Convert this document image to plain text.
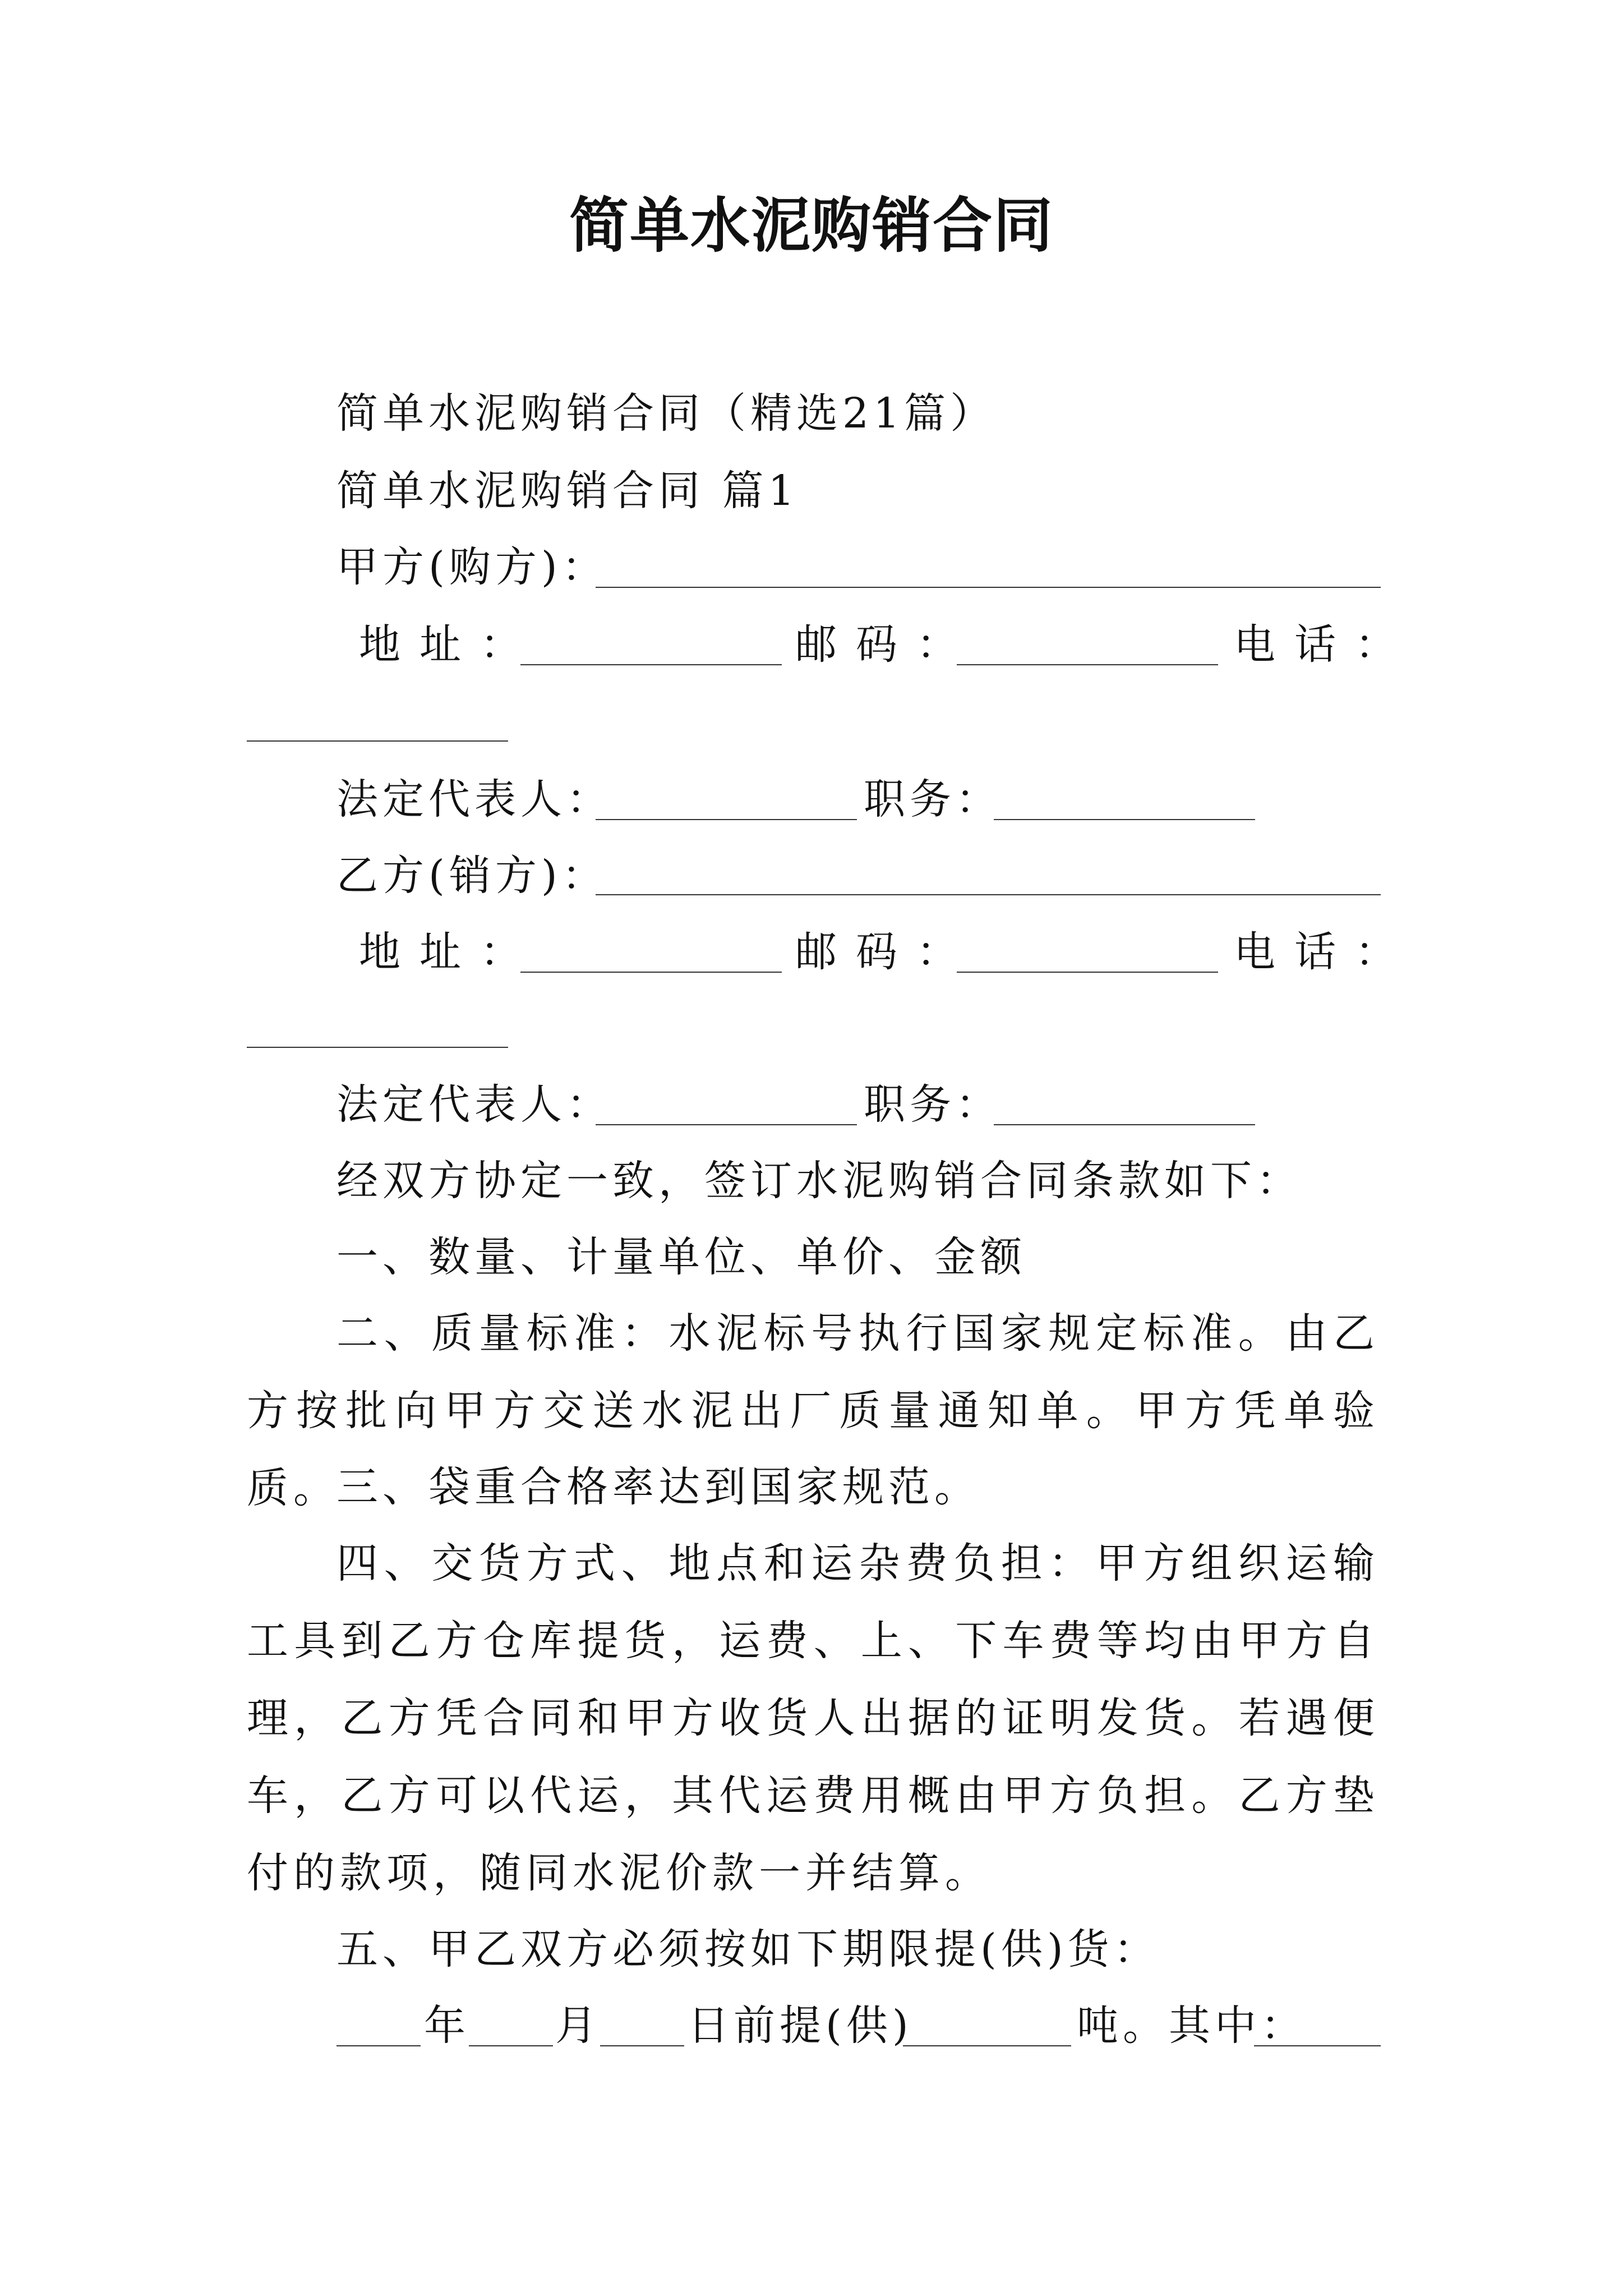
简单水泥购销合同
简单水泥购销合同（精选21篇）
简单水泥购销合同 篇1
甲方(购方)：
地址：	邮码：	电话：
法定代表人：	职务：
乙方(销方)：
地址：	邮码：	电话：
法定代表人：	职务：
经双方协定一致，签订水泥购销合同条款如下：
一、数量、计量单位、单价、金额
二、质量标准：水泥标号执行国家规定标准。由乙方按批向甲方交送水泥出厂质量通知单。甲方凭单验质。
三、袋重合格率达到国家规范。
四、交货方式、地点和运杂费负担：甲方组织运输工具到乙方仓库提货，运费、上、下车费等均由甲方自理，乙方凭合同和甲方收货人出据的证明发货。若遇便车，乙方可以代运，其代运费用概由甲方负担。乙方垫付的款项，随同水泥价款一并结算。
五、甲乙双方必须按如下期限提(供)货：
年 月 日前提(供)	吨。其中：
